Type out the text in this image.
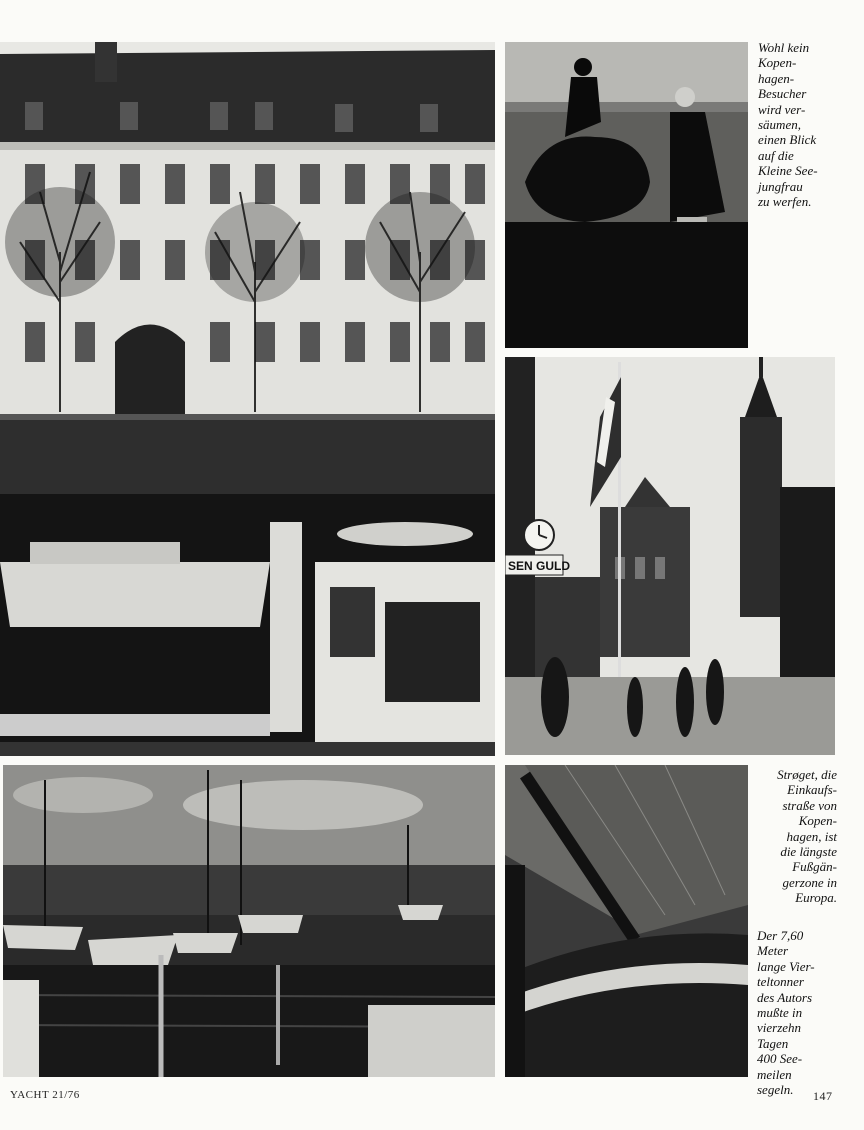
Wohl kein
Kopen-
hagen-
Besucher
wird ver-
säumen,
einen Blick
auf die
Kleine See-
jungfrau
zu werfen.

SEN GULD

Strøget, die
Einkaufs-
straße von
Kopen-
hagen, ist
die längste
Fußgän-
gerzone in
Europa.

Der 7,60
Meter
lange Vier-
teltonner
des Autors
mußte in
vierzehn
Tagen
400 See-
meilen
segeln.

YACHT 21/76	147
